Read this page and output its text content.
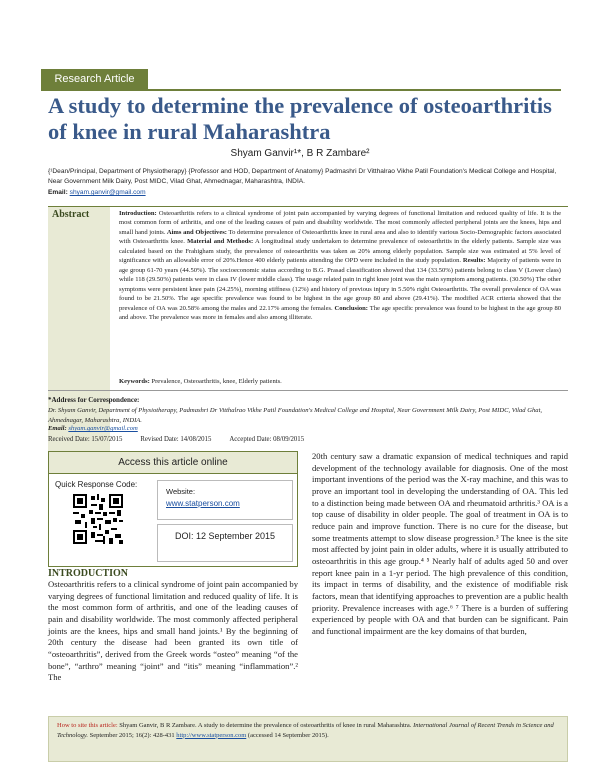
Research Article
A study to determine the prevalence of osteoarthritis of knee in rural Maharashtra
Shyam Ganvir¹*, B R Zambare²
{¹Dean/Principal, Department of Physiotherapy} {Professor and HOD, Department of Anatomy} Padmashri Dr Vitthalrao Vikhe Patil Foundation's Medical College and Hospital, Near Government Milk Dairy, Post MIDC, Vilad Ghat, Ahmednagar, Maharashtra, INDIA.
Email: shyam.ganvir@gmail.com
Abstract	Introduction: Osteoarthritis refers to a clinical syndrome of joint pain accompanied by varying degrees of functional limitation and reduced quality of life. It is the most common form of arthritis, and one of the leading causes of pain and disability worldwide. The most commonly affected peripheral joints are the knees, hips and small hand joints. Aims and Objectives: To determine prevalence of Osteoarthritis knee in rural area and also to identify various Socio-Demographic factors associated with Osteoarthritis knee. Material and Methods: A longitudinal study undertaken to determine prevalence of osteoarthritis in the elderly patients. Sample size was calculated based on the Frahigham study, the prevalence of osteoarthritis was taken as 20% among elderly population. Sample size was estimated at 5% level of significance with an allowable error of 20%.Hence 400 elderly patients attending the OPD were included in the study population. Results: Majority of patients were in age group 61-70 years (44.50%). The socioeconomic status according to B.G. Prasad classification showed that 134 (33.50%) patients belong to class V (Lower class) while 118 (29.50%) patients were in class IV (lower middle class). The usage related pain in right knee joint was the main symptom among patients. (30.50%) The other symptoms were persistent knee pain (24.25%), morning stiffness (12%) and history of previous injury in 5.50% right Osteoarthritis. The overall prevalence of OA was found to be 21.50%. The age specific prevalence was found to be highest in the age group 80 and above (29.41%). The modified ACR criteria showed that the prevalence of OA was 20.58% among the males and 22.17% among the females. Conclusion: The age specific prevalence was found to be highest in the age group 80 and above. The prevalence was more in females and also among illiterate.
Keywords: Prevalence, Osteoarthritis, knee, Elderly patients.
*Address for Correspondence:
Dr. Shyam Ganvir, Department of Physiotherapy, Padmashri Dr Vitthalrao Vikhe Patil Foundation's Medical College and Hospital, Near Government Milk Dairy, Post MIDC, Vilad Ghat, Ahmednagar, Maharashtra, INDIA.
Email: shyam.ganvir@gmail.com
Received Date: 15/07/2015	Revised Date: 14/08/2015	Accepted Date: 08/09/2015
Access this article online
Quick Response Code:
Website:
www.statperson.com
DOI: 12 September 2015
INTRODUCTION

Osteoarthritis refers to a clinical syndrome of joint pain accompanied by varying degrees of functional limitation and reduced quality of life. It is the most common form of arthritis, and one of the leading causes of pain and disability worldwide. The most commonly affected peripheral joints are the knees, hips and small hand joints.¹ By the beginning of 20th century the disease had been granted its own title of “osteoarthritis”, derived from the Greek words “osteo” meaning “of the bone”, “arthro” meaning “joint” and “itis” meaning “inflammation”.² The

20th century saw a dramatic expansion of medical techniques and rapid development of the technology available for diagnosis. One of the most important inventions of the period was the X-ray machine, and this was to prove an important tool in developing the understanding of OA. This led to a distinction being made between OA and rheumatoid arthritis.³ OA is a top cause of disability in older people. The goal of treatment in OA is to reduce pain and improve function. There is no cure for the disease, but some treatments attempt to slow disease progression.³ The knee is the site most affected by joint pain in older adults, where it is usually attributed to osteoarthritis in this age group.⁴ ⁵ Nearly half of adults aged 50 and over report knee pain in a 1-yr period. The high prevalence of this condition, its impact in terms of disability, and the existence of modifiable risk factors, mean that identifying approaches to prevention are a public health priority. Prevalence increases with age.⁶ ⁷ There is a burden of suffering experienced by people with OA and that burden can be significant. Pain and functional impairment are the key domains of that burden,

How to site this article: Shyam Ganvir, B R Zambare. A study to determine the prevalence of osteoarthritis of knee in rural Maharashtra. International Journal of Recent Trends in Science and Technology. September 2015; 16(2): 428-431 http://www.statperson.com (accessed 14 September 2015).
